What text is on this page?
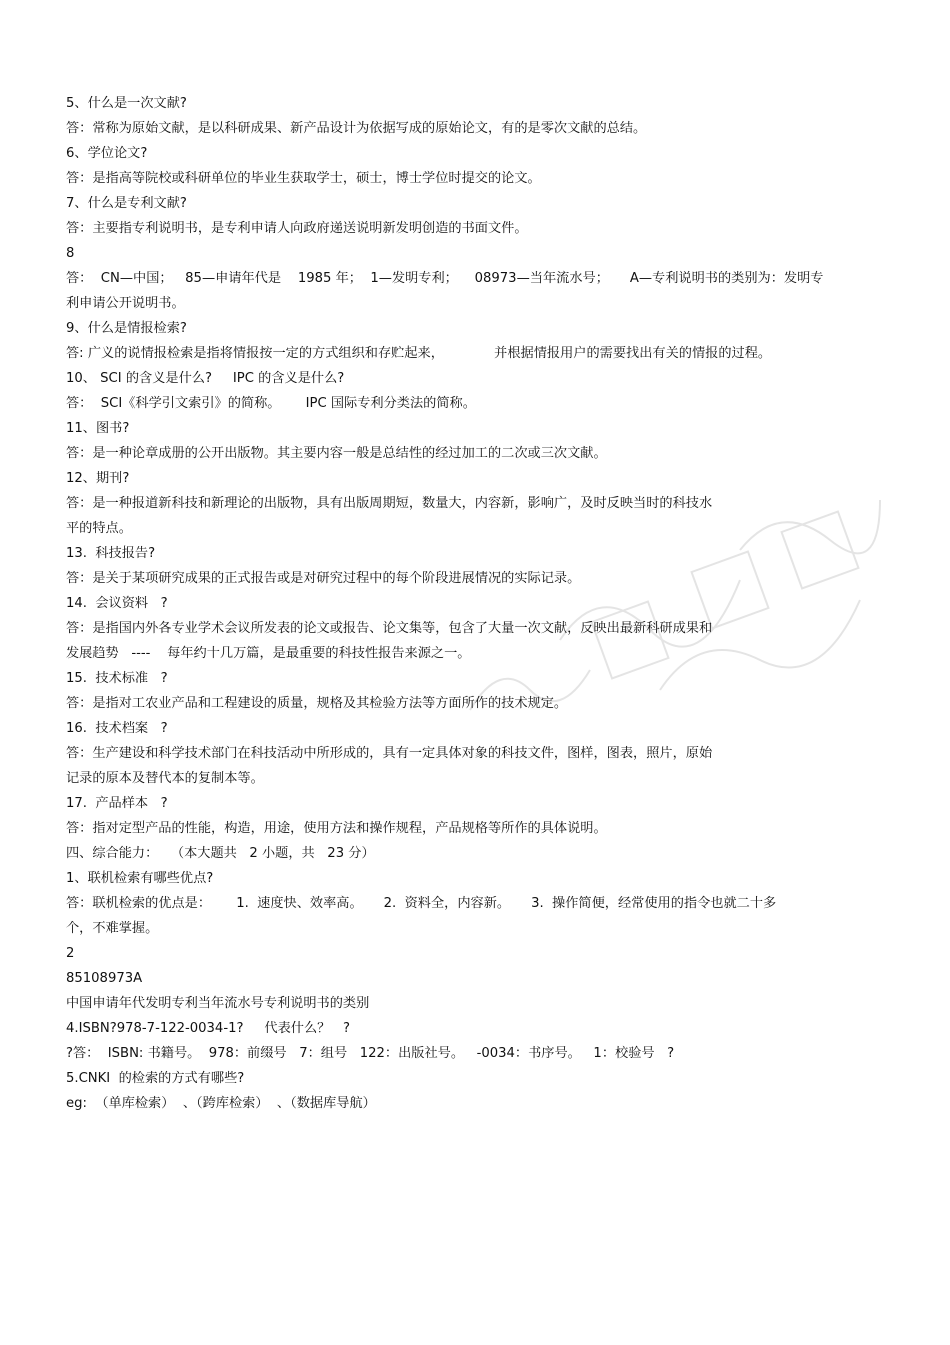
5、什么是一次文献?
答：常称为原始文献，是以科研成果、新产品设计为依据写成的原始论文，有的是零次文献的总结。
6、学位论文?
答：是指高等院校或科研单位的毕业生获取学士，硕士，博士学位时提交的论文。
7、什么是专利文献?
答：主要指专利说明书，是专利申请人向政府递送说明新发明创造的书面文件。
8
答：  CN—中国；   85—申请年代是    1985 年；  1—发明专利；    08973—当年流水号；     A—专利说明书的类别为：发明专
利申请公开说明书。
9、什么是情报检索?
答: 广义的说情报检索是指将情报按一定的方式组织和存贮起来，            并根据情报用户的需要找出有关的情报的过程。
10、 SCI 的含义是什么?     IPC 的含义是什么?
答：  SCI《科学引文索引》的简称。      IPC 国际专利分类法的简称。
11、图书?
答：是一种论章成册的公开出版物。其主要内容一般是总结性的经过加工的二次或三次文献。
12、期刊?
答：是一种报道新科技和新理论的出版物，具有出版周期短，数量大，内容新，影响广，及时反映当时的科技水
平的特点。
13.  科技报告?
答：是关于某项研究成果的正式报告或是对研究过程中的每个阶段进展情况的实际记录。
14.  会议资料   ?
答：是指国内外各专业学术会议所发表的论文或报告、论文集等，包含了大量一次文献，反映出最新科研成果和
发展趋势   ----    每年约十几万篇，是最重要的科技性报告来源之一。
15.  技术标准   ?
答：是指对工农业产品和工程建设的质量，规格及其检验方法等方面所作的技术规定。
16.  技术档案   ?
答：生产建设和科学技术部门在科技活动中所形成的，具有一定具体对象的科技文件，图样，图表，照片，原始
记录的原本及替代本的复制本等。
17.  产品样本   ?
答：指对定型产品的性能，构造，用途，使用方法和操作规程，产品规格等所作的具体说明。
四、综合能力：   （本大题共   2 小题，共   23 分）
1、联机检索有哪些优点?
答：联机检索的优点是：      1.  速度快、效率高。     2.  资料全，内容新。     3.  操作简便，经常使用的指令也就二十多
个，不难掌握。
2
85108973A
中国申请年代发明专利当年流水号专利说明书的类别
4.ISBN?978-7-122-0034-1?     代表什么？   ?
?答：  ISBN: 书籍号。  978：前缀号   7：组号   122：出版社号。   -0034：书序号。   1：校验号   ?
5.CNKI  的检索的方式有哪些?
eg:  （单库检索）  、（跨库检索）  、（数据库导航）
